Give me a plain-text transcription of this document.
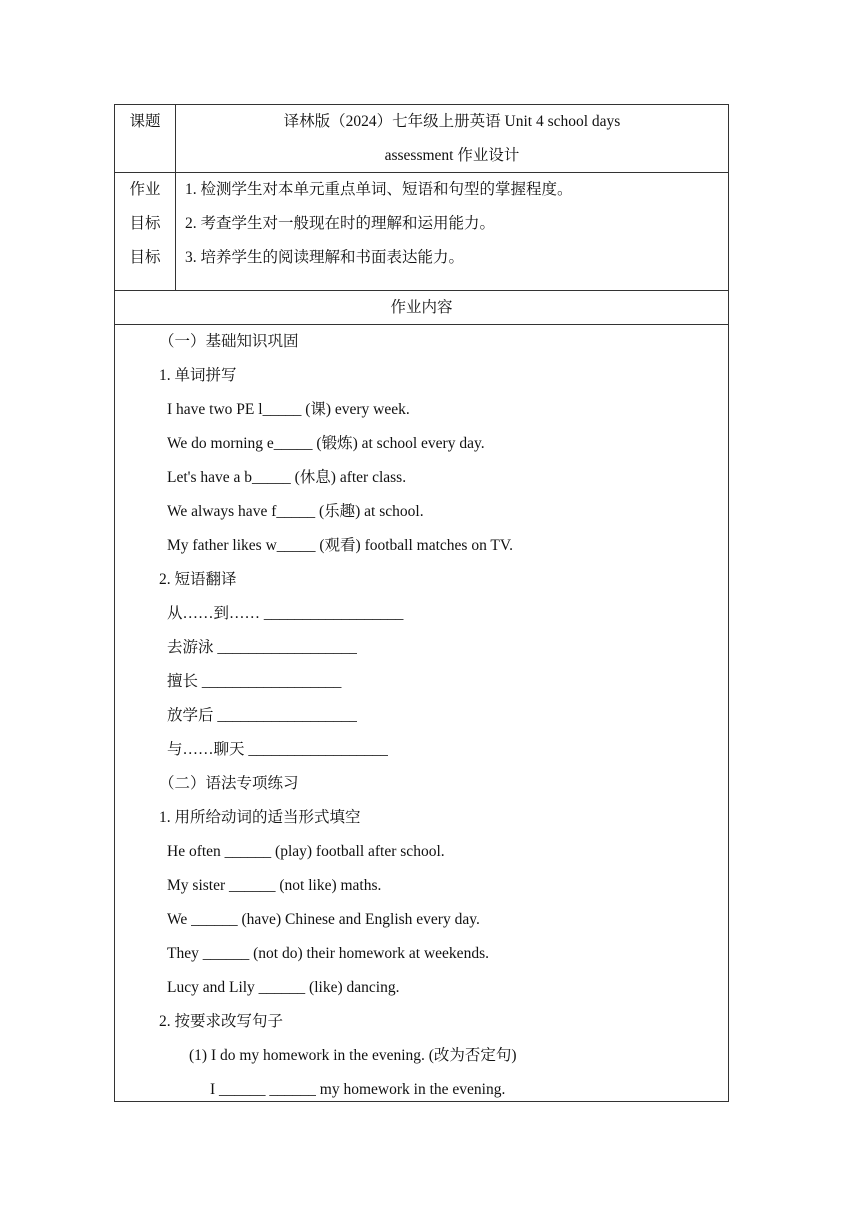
课题	译林版（2024）七年级上册英语 Unit 4 school days
assessment 作业设计
作业
目标
目标
1. 检测学生对本单元重点单词、短语和句型的掌握程度。
2. 考查学生对一般现在时的理解和运用能力。
3. 培养学生的阅读理解和书面表达能力。
作业内容
（一）基础知识巩固
1. 单词拼写
I have two PE l_____ (课) every week.
We do morning e_____ (锻炼) at school every day.
Let's have a b_____ (休息) after class.
We always have f_____ (乐趣) at school.
My father likes w_____ (观看) football matches on TV.
2. 短语翻译
从……到…… __________________
去游泳 __________________
擅长 __________________
放学后 __________________
与……聊天 __________________
（二）语法专项练习
1. 用所给动词的适当形式填空
He often ______ (play) football after school.
My sister ______ (not like) maths.
We ______ (have) Chinese and English every day.
They ______ (not do) their homework at weekends.
Lucy and Lily ______ (like) dancing.
2. 按要求改写句子
(1) I do my homework in the evening. (改为否定句)
I ______ ______ my homework in the evening.
